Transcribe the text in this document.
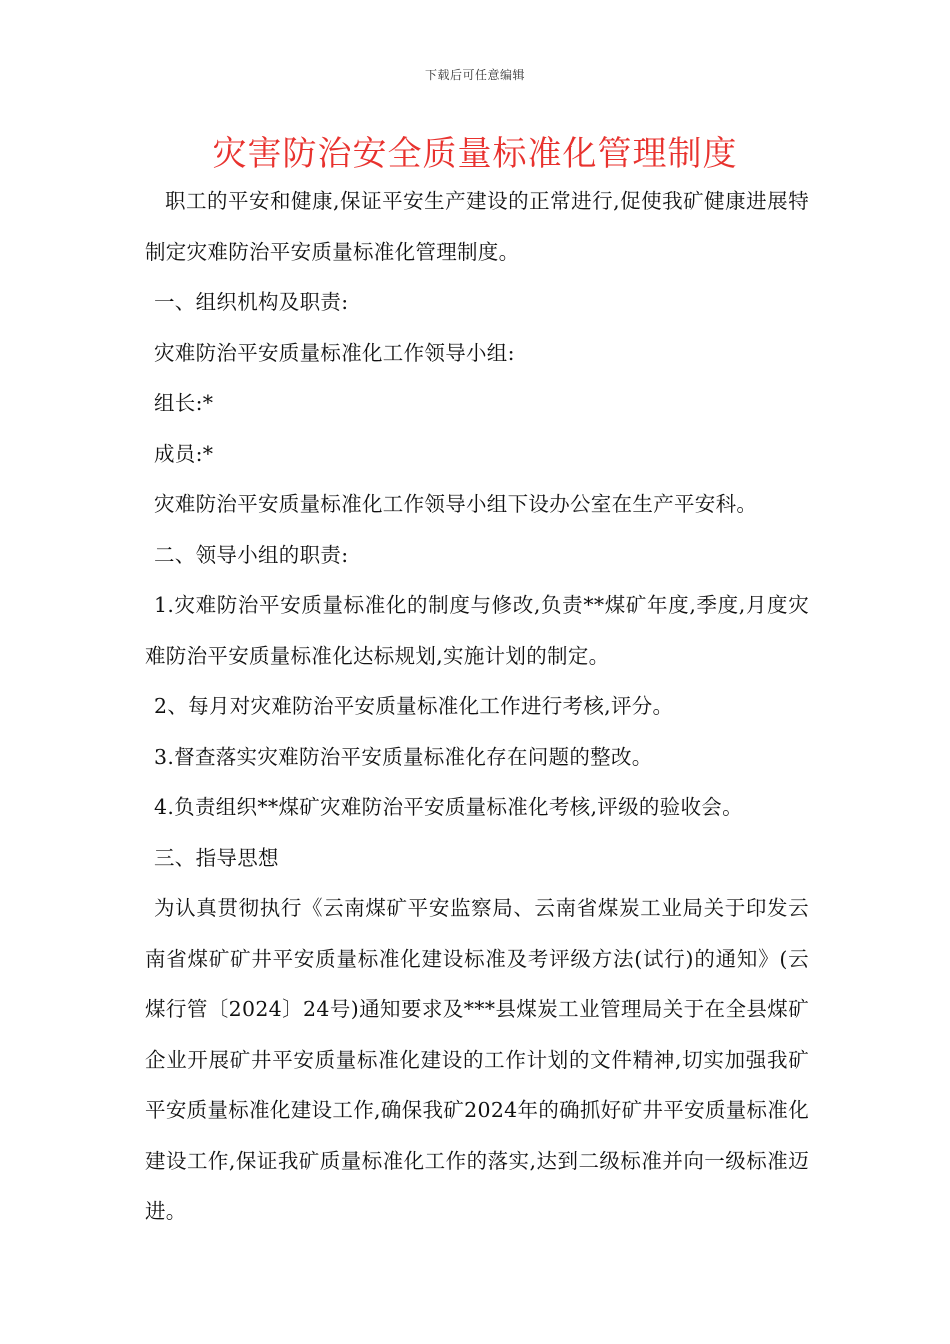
下载后可任意编辑
灾害防治安全质量标准化管理制度

职工的平安和健康,保证平安生产建设的正常进行,促使我矿健康进展特制定灾难防治平安质量标准化管理制度。

一、组织机构及职责:

灾难防治平安质量标准化工作领导小组:

组长:*

成员:*

灾难防治平安质量标准化工作领导小组下设办公室在生产平安科。

二、领导小组的职责:

1.灾难防治平安质量标准化的制度与修改,负责**煤矿年度,季度,月度灾难防治平安质量标准化达标规划,实施计划的制定。

2、每月对灾难防治平安质量标准化工作进行考核,评分。

3.督查落实灾难防治平安质量标准化存在问题的整改。

4.负责组织**煤矿灾难防治平安质量标准化考核,评级的验收会。

三、指导思想

为认真贯彻执行《云南煤矿平安监察局、云南省煤炭工业局关于印发云南省煤矿矿井平安质量标准化建设标准及考评级方法(试行)的通知》(云煤行管〔2024〕24号)通知要求及***县煤炭工业管理局关于在全县煤矿企业开展矿井平安质量标准化建设的工作计划的文件精神,切实加强我矿平安质量标准化建设工作,确保我矿2024年的确抓好矿井平安质量标准化建设工作,保证我矿质量标准化工作的落实,达到二级标准并向一级标准迈进。
